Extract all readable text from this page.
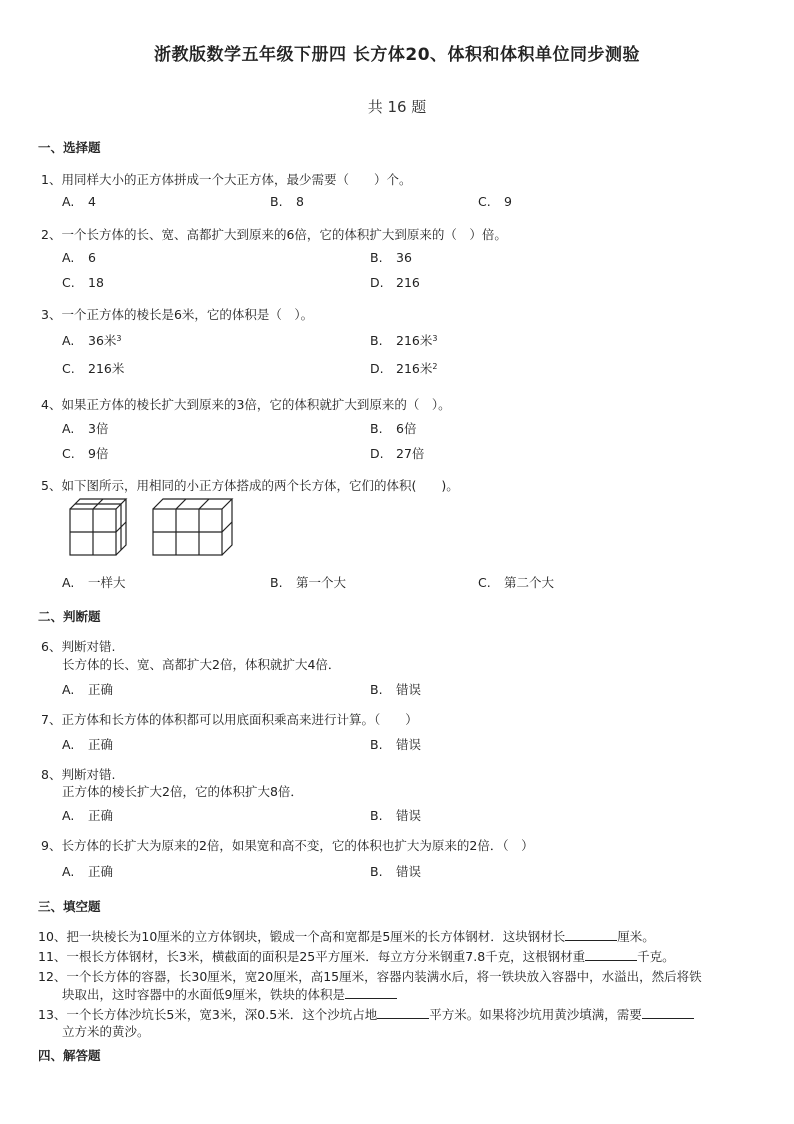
浙教版数学五年级下册四 长方体20、体积和体积单位同步测验
共 16 题
一、选择题
1、用同样大小的正方体拼成一个大正方体，最少需要（　　）个。
A. 4	B. 8	C. 9
2、一个长方体的长、宽、高都扩大到原来的6倍，它的体积扩大到原来的（　）倍。
A. 6	B. 36
C. 18	D. 216
3、一个正方体的棱长是6米，它的体积是（　）。
A. 36米$^3$	B. 216米$^3$
C. 216米	D. 216米$^2$
4、如果正方体的棱长扩大到原来的3倍，它的体积就扩大到原来的（　）。
A. 3倍	B. 6倍
C. 9倍	D. 27倍
5、如下图所示，用相同的小正方体搭成的两个长方体，它们的体积(　　)。
A. 一样大	B. 第一个大	C. 第二个大
二、判断题
6、判断对错.
长方体的长、宽、高都扩大2倍，体积就扩大4倍．
A. 正确	B. 错误
7、正方体和长方体的体积都可以用底面积乘高来进行计算。（　　）
A. 正确	B. 错误
8、判断对错.
正方体的棱长扩大2倍，它的体积扩大8倍．
A. 正确	B. 错误
9、长方体的长扩大为原来的2倍，如果宽和高不变，它的体积也扩大为原来的2倍．（　）
A. 正确	B. 错误
三、填空题
10、把一块棱长为10厘米的立方体钢块，锻成一个高和宽都是5厘米的长方体钢材．这块钢材长	厘米。
11、一根长方体钢材，长3米，横截面的面积是25平方厘米．每立方分米钢重7.8千克，这根钢材重	千克。
12、一个长方体的容器，长30厘米，宽20厘米，高15厘米，容器内装满水后，将一铁块放入容器中，水溢出，然后将铁
块取出，这时容器中的水面低9厘米，铁块的体积是
13、一个长方体沙坑长5米，宽3米，深0.5米．这个沙坑占地	平方米。如果将沙坑用黄沙填满，需要
立方米的黄沙。
四、解答题
